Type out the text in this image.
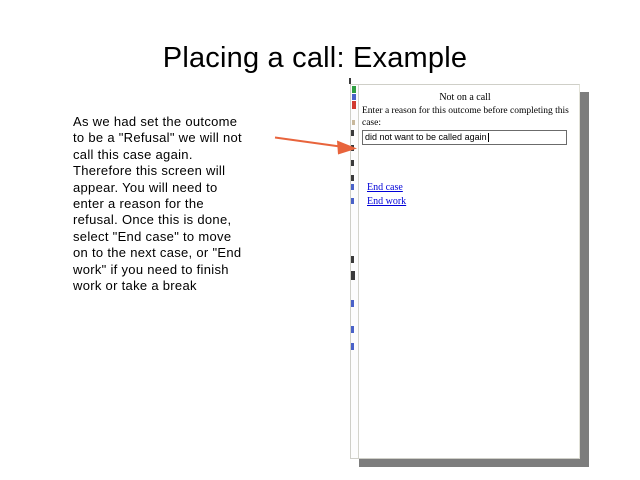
Placing a call: Example
As we had set the outcome
to be a "Refusal" we will not
call this case again.
Therefore this screen will
appear. You will need to
enter a reason for the
refusal. Once this is done,
select "End case" to move
on to the next case, or "End
work" if you need to finish
work or take a break
Not on a call
Enter a reason for this outcome before completing this case:
did not want to be called again
End case
End work
